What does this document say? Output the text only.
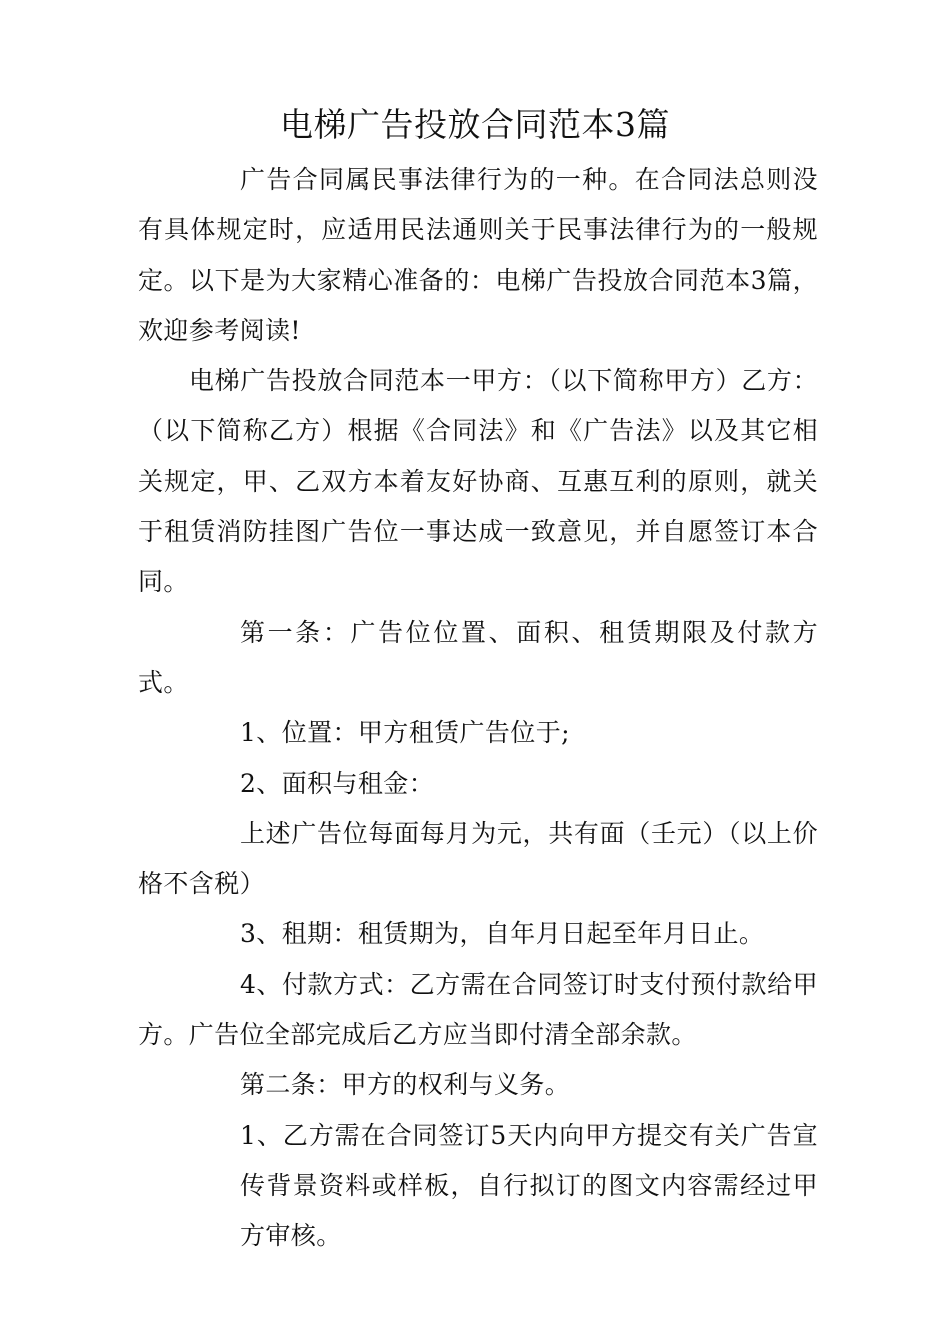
电梯广告投放合同范本3篇

广告合同属民事法律行为的一种。在合同法总则没有具体规定时，应适用民法通则关于民事法律行为的一般规定。以下是为大家精心准备的：电梯广告投放合同范本3篇，欢迎参考阅读!

电梯广告投放合同范本一甲方：（以下简称甲方）乙方：（以下简称乙方）根据《合同法》和《广告法》以及其它相关规定，甲、乙双方本着友好协商、互惠互利的原则，就关于租赁消防挂图广告位一事达成一致意见，并自愿签订本合同。

第一条：广告位位置、面积、租赁期限及付款方式。

1、位置：甲方租赁广告位于;

2、面积与租金：

上述广告位每面每月为元，共有面（壬元）（以上价格不含税）

3、租期：租赁期为，自年月日起至年月日止。

4、付款方式：乙方需在合同签订时支付预付款给甲方。广告位全部完成后乙方应当即付清全部余款。

第二条：甲方的权利与义务。

1、乙方需在合同签订5天内向甲方提交有关广告宣传背景资料或样板，自行拟订的图文内容需经过甲方审核。
